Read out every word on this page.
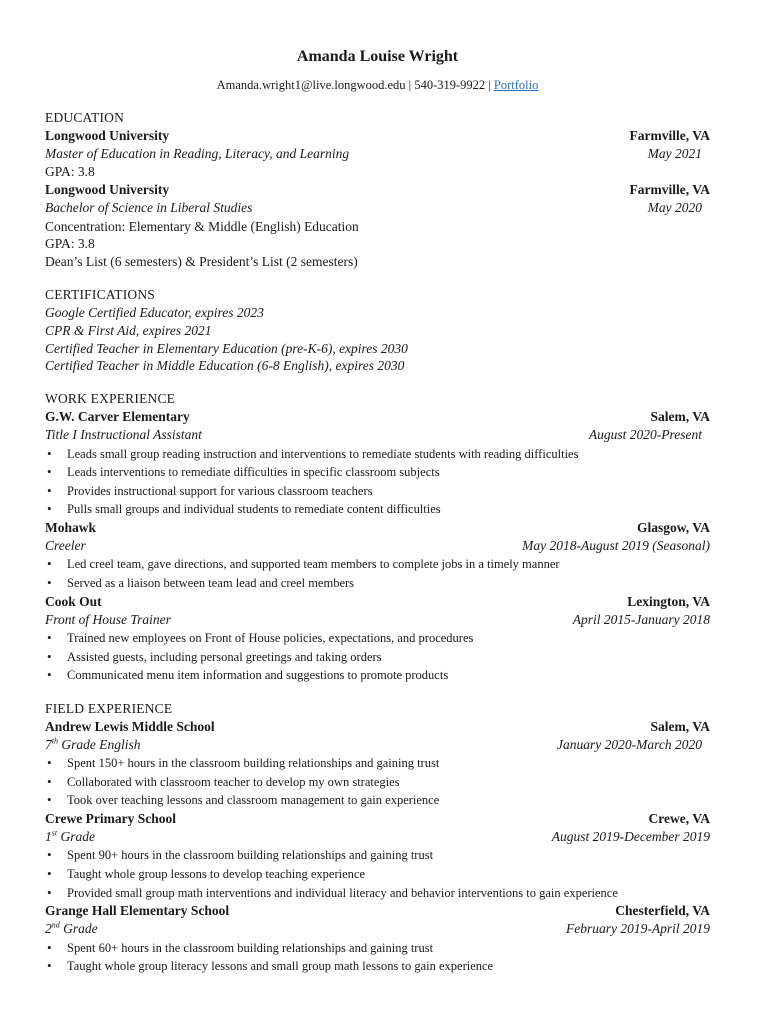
Amanda Louise Wright
Amanda.wright1@live.longwood.edu | 540-319-9922 | Portfolio
EDUCATION
Longwood University	Farmville, VA
Master of Education in Reading, Literacy, and Learning	May 2021
GPA: 3.8
Longwood University	Farmville, VA
Bachelor of Science in Liberal Studies	May 2020
Concentration: Elementary & Middle (English) Education
GPA: 3.8
Dean’s List (6 semesters) & President’s List (2 semesters)
CERTIFICATIONS
Google Certified Educator, expires 2023
CPR & First Aid, expires 2021
Certified Teacher in Elementary Education (pre-K-6), expires 2030
Certified Teacher in Middle Education (6-8 English), expires 2030
WORK EXPERIENCE
G.W. Carver Elementary	Salem, VA
Title I Instructional Assistant	August 2020-Present
• Leads small group reading instruction and interventions to remediate students with reading difficulties
• Leads interventions to remediate difficulties in specific classroom subjects
• Provides instructional support for various classroom teachers
• Pulls small groups and individual students to remediate content difficulties
Mohawk	Glasgow, VA
Creeler	May 2018-August 2019 (Seasonal)
• Led creel team, gave directions, and supported team members to complete jobs in a timely manner
• Served as a liaison between team lead and creel members
Cook Out	Lexington, VA
Front of House Trainer	April 2015-January 2018
• Trained new employees on Front of House policies, expectations, and procedures
• Assisted guests, including personal greetings and taking orders
• Communicated menu item information and suggestions to promote products
FIELD EXPERIENCE
Andrew Lewis Middle School	Salem, VA
7th Grade English	January 2020-March 2020
• Spent 150+ hours in the classroom building relationships and gaining trust
• Collaborated with classroom teacher to develop my own strategies
• Took over teaching lessons and classroom management to gain experience
Crewe Primary School	Crewe, VA
1st Grade	August 2019-December 2019
• Spent 90+ hours in the classroom building relationships and gaining trust
• Taught whole group lessons to develop teaching experience
• Provided small group math interventions and individual literacy and behavior interventions to gain experience
Grange Hall Elementary School	Chesterfield, VA
2nd Grade	February 2019-April 2019
• Spent 60+ hours in the classroom building relationships and gaining trust
• Taught whole group literacy lessons and small group math lessons to gain experience
